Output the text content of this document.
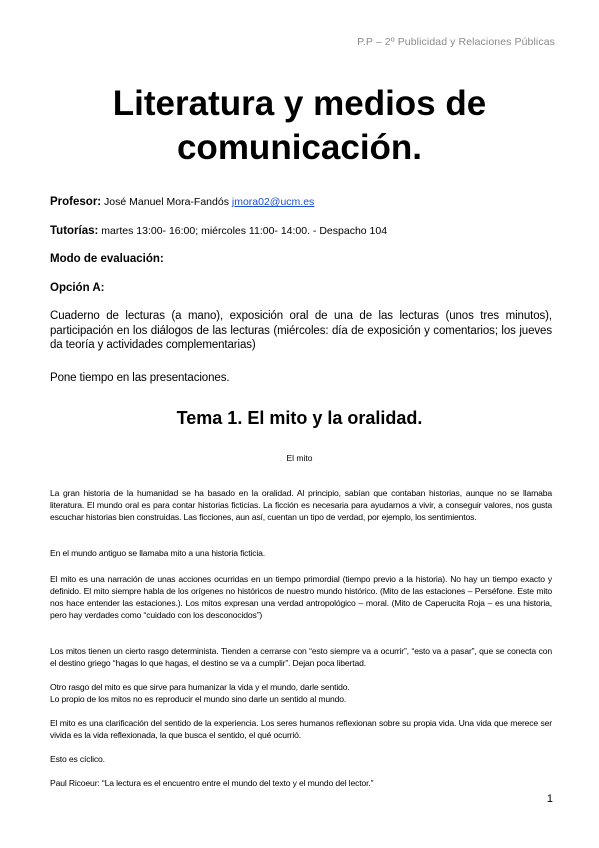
P.P – 2º Publicidad y Relaciones Públicas
Literatura y medios de
comunicación.
Profesor: José Manuel Mora-Fandós jmora02@ucm.es
Tutorías: martes 13:00- 16:00; miércoles 11:00- 14:00. - Despacho 104
Modo de evaluación:
Opción A:
Cuaderno de lecturas (a mano), exposición oral de una de las lecturas (unos tres minutos), participación en los diálogos de las lecturas (miércoles: día de exposición y comentarios; los jueves da teoría y actividades complementarias)
Pone tiempo en las presentaciones.
Tema 1. El mito y la oralidad.
El mito
La gran historia de la humanidad se ha basado en la oralidad. Al principio, sabían que contaban historias, aunque no se llamaba literatura. El mundo oral es para contar historias ficticias. La ficción es necesaria para ayudarnos a vivir, a conseguir valores, nos gusta escuchar historias bien construidas. Las ficciones, aun así, cuentan un tipo de verdad, por ejemplo, los sentimientos.
En el mundo antiguo se llamaba mito a una historia ficticia.
El mito es una narración de unas acciones ocurridas en un tiempo primordial (tiempo previo a la historia). No hay un tiempo exacto y definido. El mito siempre habla de los orígenes no históricos de nuestro mundo histórico. (Mito de las estaciones – Perséfone. Este mito nos hace entender las estaciones.). Los mitos expresan una verdad antropológico – moral. (Mito de Caperucita Roja – es una historia, pero hay verdades como “cuidado con los desconocidos”)
Los mitos tienen un cierto rasgo determinista. Tienden a cerrarse con “esto siempre va a ocurrir”, “esto va a pasar”, que se conecta con el destino griego “hagas lo que hagas, el destino se va a cumplir”. Dejan poca libertad.
Otro rasgo del mito es que sirve para humanizar la vida y el mundo, darle sentido.
Lo propio de los mitos no es reproducir el mundo sino darle un sentido al mundo.
El mito es una clarificación del sentido de la experiencia. Los seres humanos reflexionan sobre su propia vida. Una vida que merece ser vivida es la vida reflexionada, la que busca el sentido, el qué ocurrió.
Esto es cíclico.
Paul Ricoeur: “La lectura es el encuentro entre el mundo del texto y el mundo del lector.”
1
